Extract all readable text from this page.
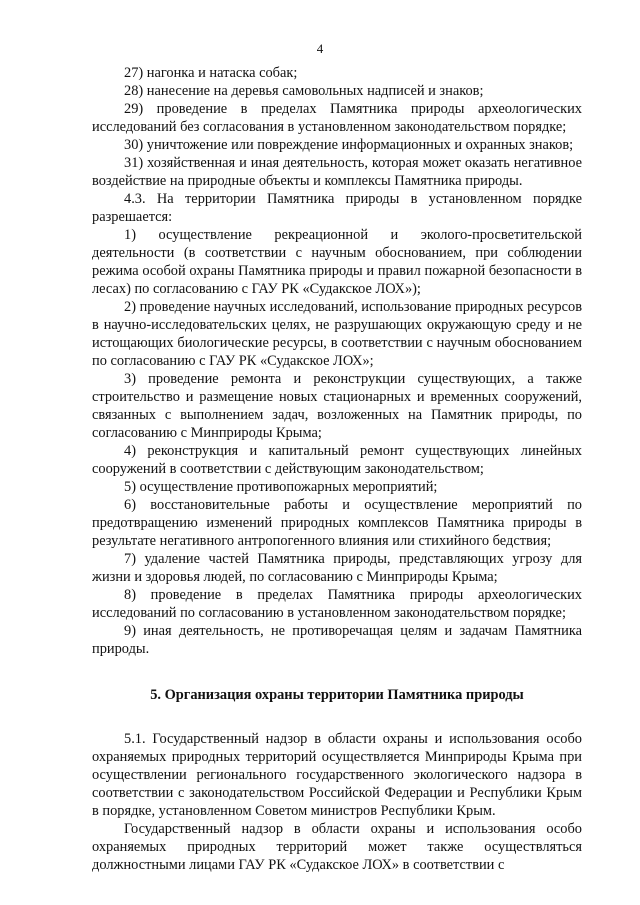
4

27) нагонка и натаска собак;

28) нанесение на деревья самовольных надписей и знаков;

29) проведение в пределах Памятника природы археологических исследований без согласования в установленном законодательством порядке;

30) уничтожение или повреждение информационных и охранных знаков;

31) хозяйственная и иная деятельность, которая может оказать негативное воздействие на природные объекты и комплексы Памятника природы.

4.3. На территории Памятника природы в установленном порядке разрешается:

1) осуществление рекреационной и эколого-просветительской деятельности (в соответствии с научным обоснованием, при соблюдении режима особой охраны Памятника природы и правил пожарной безопасности в лесах) по согласованию с ГАУ РК «Судакское ЛОХ»);

2) проведение научных исследований, использование природных ресурсов в научно-исследовательских целях, не разрушающих окружающую среду и не истощающих биологические ресурсы, в соответствии с научным обоснованием по согласованию с ГАУ РК «Судакское ЛОХ»;

3) проведение ремонта и реконструкции существующих, а также строительство и размещение новых стационарных и временных сооружений, связанных с выполнением задач, возложенных на Памятник природы, по согласованию с Минприроды Крыма;

4) реконструкция и капитальный ремонт существующих линейных сооружений в соответствии с действующим законодательством;

5) осуществление противопожарных мероприятий;

6) восстановительные работы и осуществление мероприятий по предотвращению изменений природных комплексов Памятника природы в результате негативного антропогенного влияния или стихийного бедствия;

7) удаление частей Памятника природы, представляющих угрозу для жизни и здоровья людей, по согласованию с Минприроды Крыма;

8) проведение в пределах Памятника природы археологических исследований по согласованию в установленном законодательством порядке;

9) иная деятельность, не противоречащая целям и задачам Памятника природы.

5. Организация охраны территории Памятника природы

5.1. Государственный надзор в области охраны и использования особо охраняемых природных территорий осуществляется Минприроды Крыма при осуществлении регионального государственного экологического надзора в соответствии с законодательством Российской Федерации и Республики Крым в порядке, установленном Советом министров Республики Крым.

Государственный надзор в области охраны и использования особо охраняемых природных территорий может также осуществляться должностными лицами ГАУ РК «Судакское ЛОХ» в соответствии с
